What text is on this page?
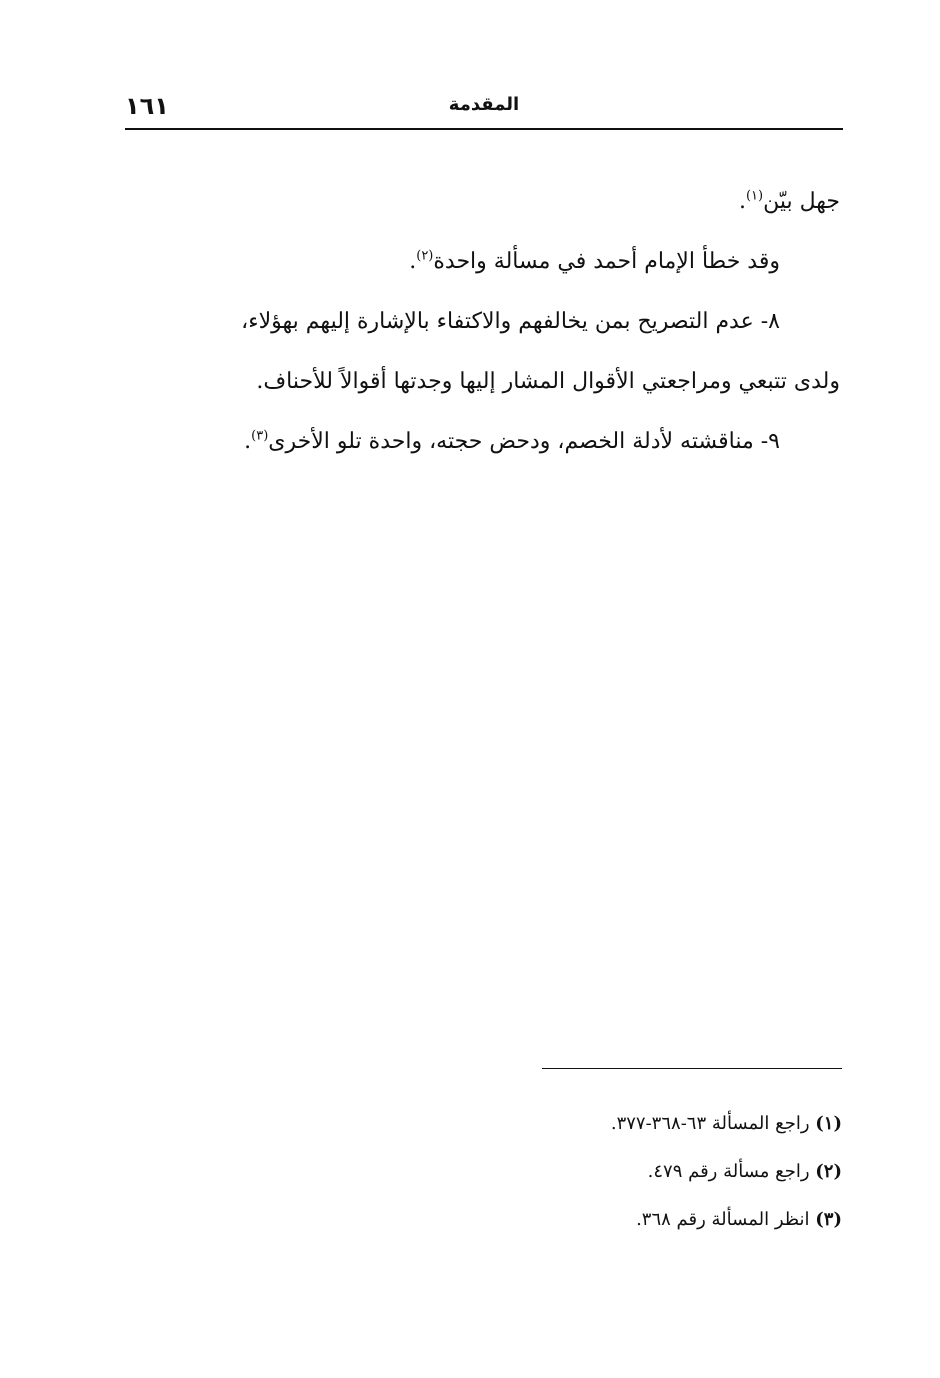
المقدمة
١٦١

جهل بيّن$^{(١)}$.

وقد خطأ الإمام أحمد في مسألة واحدة$^{(٢)}$.

٨- عدم التصريح بمن يخالفهم والاكتفاء بالإشارة إليهم بهؤلاء،

ولدى تتبعي ومراجعتي الأقوال المشار إليها وجدتها أقوالاً للأحناف.

٩- مناقشته لأدلة الخصم، ودحض حجته، واحدة تلو الأخرى$^{(٣)}$.

(١) راجع المسألة ٦٣-٣٦٨-٣٧٧.

(٢) راجع مسألة رقم ٤٧٩.

(٣) انظر المسألة رقم ٣٦٨.
